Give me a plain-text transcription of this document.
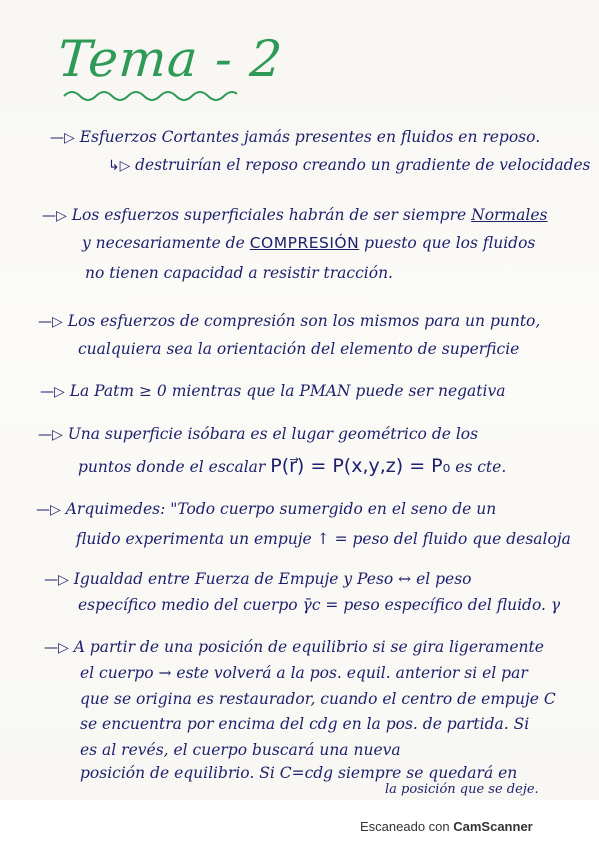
Tema - 2
—▷ Esfuerzos Cortantes jamás presentes en fluidos en reposo.
↳▷ destruirían el reposo creando un gradiente de velocidades
—▷ Los esfuerzos superficiales habrán de ser siempre Normales
y necesariamente de COMPRESIÓN puesto que los fluidos
no tienen capacidad a resistir tracción.
—▷ Los esfuerzos de compresión son los mismos para un punto,
cualquiera sea la orientación del elemento de superficie
—▷ La Patm ≥ 0 mientras que la PMAN puede ser negativa
—▷ Una superficie isóbara es el lugar geométrico de los
puntos donde el escalar P(r⃗) = P(x,y,z) = P₀ es cte.
—▷ Arquimedes: "Todo cuerpo sumergido en el seno de un
fluido experimenta un empuje ↑ = peso del fluido que desaloja
—▷ Igualdad entre Fuerza de Empuje y Peso ↔ el peso
específico medio del cuerpo γ̄c = peso específico del fluido. γ
—▷ A partir de una posición de equilibrio si se gira ligeramente
el cuerpo → este volverá a la pos. equil. anterior si el par
que se origina es restaurador, cuando el centro de empuje C
se encuentra por encima del cdg en la pos. de partida. Si
es al revés, el cuerpo buscará una nueva
posición de equilibrio. Si C=cdg siempre se quedará en
la posición que se deje.
Escaneado con CamScanner
